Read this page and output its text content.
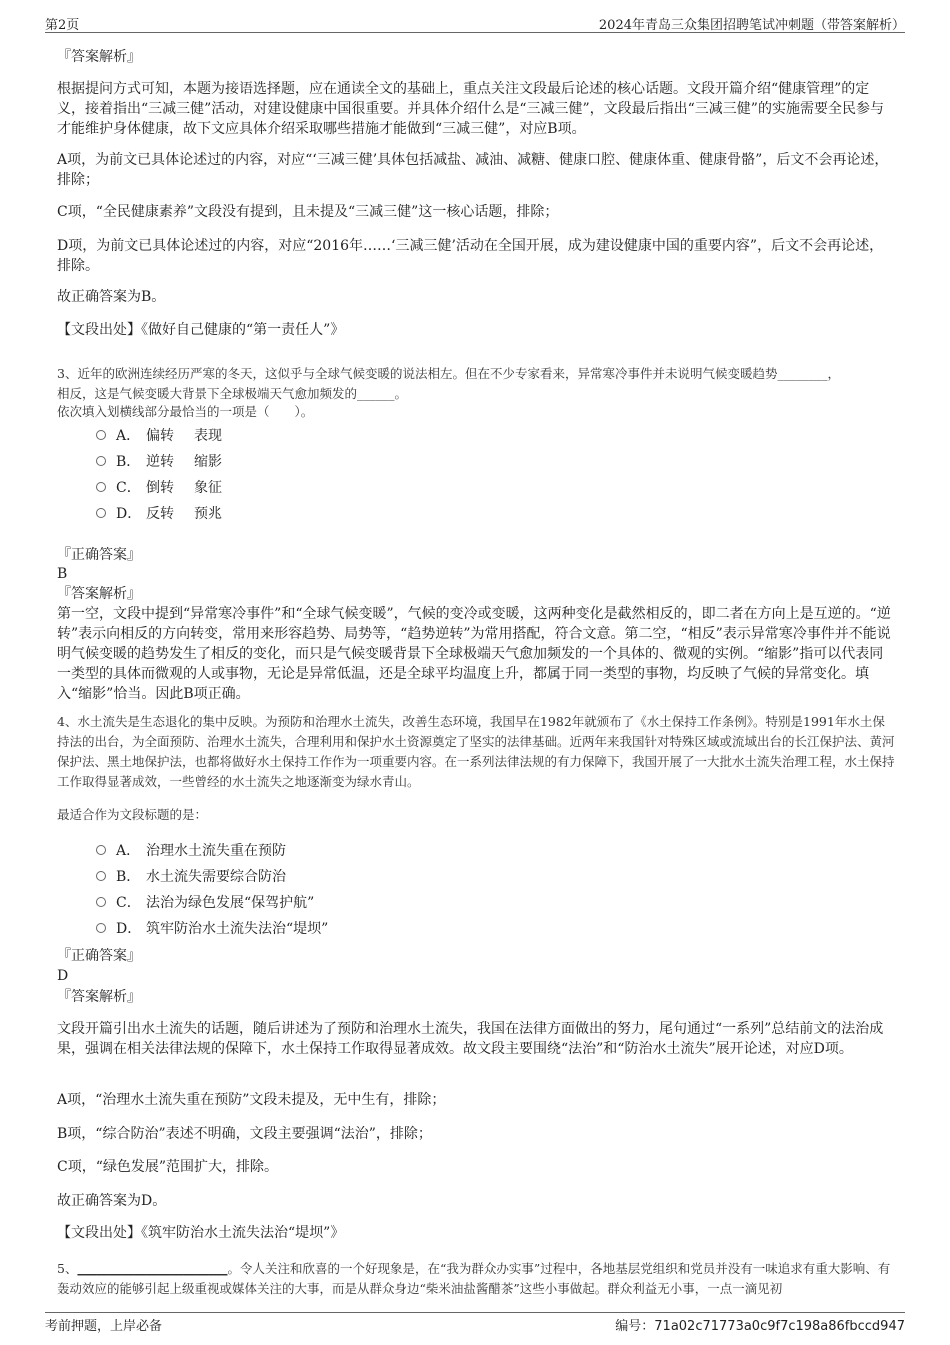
第2页	2024年青岛三众集团招聘笔试冲刺题（带答案解析）

『答案解析』

根据提问方式可知，本题为接语选择题，应在通读全文的基础上，重点关注文段最后论述的核心话题。文段开篇介绍“健康管理”的定义，接着指出“三减三健”活动，对建设健康中国很重要。并具体介绍什么是“三减三健”，文段最后指出“三减三健”的实施需要全民参与才能维护身体健康，故下文应具体介绍采取哪些措施才能做到“三减三健”，对应B项。

A项，为前文已具体论述过的内容，对应“‘三减三健’具体包括减盐、减油、减糖、健康口腔、健康体重、健康骨骼”，后文不会再论述，排除；

C项，“全民健康素养”文段没有提到，且未提及“三减三健”这一核心话题，排除；

D项，为前文已具体论述过的内容，对应“2016年……‘三减三健’活动在全国开展，成为建设健康中国的重要内容”，后文不会再论述，排除。

故正确答案为B。

【文段出处】《做好自己健康的“第一责任人”》

3、近年的欧洲连续经历严寒的冬天，这似乎与全球气候变暖的说法相左。但在不少专家看来，异常寒冷事件并未说明气候变暖趋势________，

相反，这是气候变暖大背景下全球极端天气愈加频发的______。

依次填入划横线部分最恰当的一项是（　　）。

A． 偏转 表现
B． 逆转 缩影
C． 倒转 象征
D． 反转 预兆

『正确答案』

B

『答案解析』

第一空，文段中提到“异常寒冷事件”和“全球气候变暖”，气候的变冷或变暖，这两种变化是截然相反的，即二者在方向上是互逆的。“逆转”表示向相反的方向转变，常用来形容趋势、局势等，“趋势逆转”为常用搭配，符合文意。第二空，“相反”表示异常寒冷事件并不能说明气候变暖的趋势发生了相反的变化，而只是气候变暖背景下全球极端天气愈加频发的一个具体的、微观的实例。“缩影”指可以代表同一类型的具体而微观的人或事物，无论是异常低温，还是全球平均温度上升，都属于同一类型的事物，均反映了气候的异常变化。填入“缩影”恰当。因此B项正确。

4、水土流失是生态退化的集中反映。为预防和治理水土流失，改善生态环境，我国早在1982年就颁布了《水土保持工作条例》。特别是1991年水土保持法的出台，为全面预防、治理水土流失，合理利用和保护水土资源奠定了坚实的法律基础。近两年来我国针对特殊区域或流域出台的长江保护法、黄河保护法、黑土地保护法，也都将做好水土保持工作作为一项重要内容。在一系列法律法规的有力保障下，我国开展了一大批水土流失治理工程，水土保持工作取得显著成效，一些曾经的水土流失之地逐渐变为绿水青山。

最适合作为文段标题的是：

A． 治理水土流失重在预防
B． 水土流失需要综合防治
C． 法治为绿色发展“保驾护航”
D． 筑牢防治水土流失法治“堤坝”

『正确答案』

D

『答案解析』

文段开篇引出水土流失的话题，随后讲述为了预防和治理水土流失，我国在法律方面做出的努力，尾句通过“一系列”总结前文的法治成果，强调在相关法律法规的保障下，水土保持工作取得显著成效。故文段主要围绕“法治”和“防治水土流失”展开论述，对应D项。

A项，“治理水土流失重在预防”文段未提及，无中生有，排除；

B项，“综合防治”表述不明确，文段主要强调“法治”，排除；

C项，“绿色发展”范围扩大，排除。

故正确答案为D。

【文段出处】《筑牢防治水土流失法治“堤坝”》

5、________________________。令人关注和欣喜的一个好现象是，在“我为群众办实事”过程中，各地基层党组织和党员并没有一味追求有重大影响、有轰动效应的能够引起上级重视或媒体关注的大事，而是从群众身边“柴米油盐酱醋茶”这些小事做起。群众利益无小事，一点一滴见初

考前押题，上岸必备	编号：71a02c71773a0c9f7c198a86fbccd947
